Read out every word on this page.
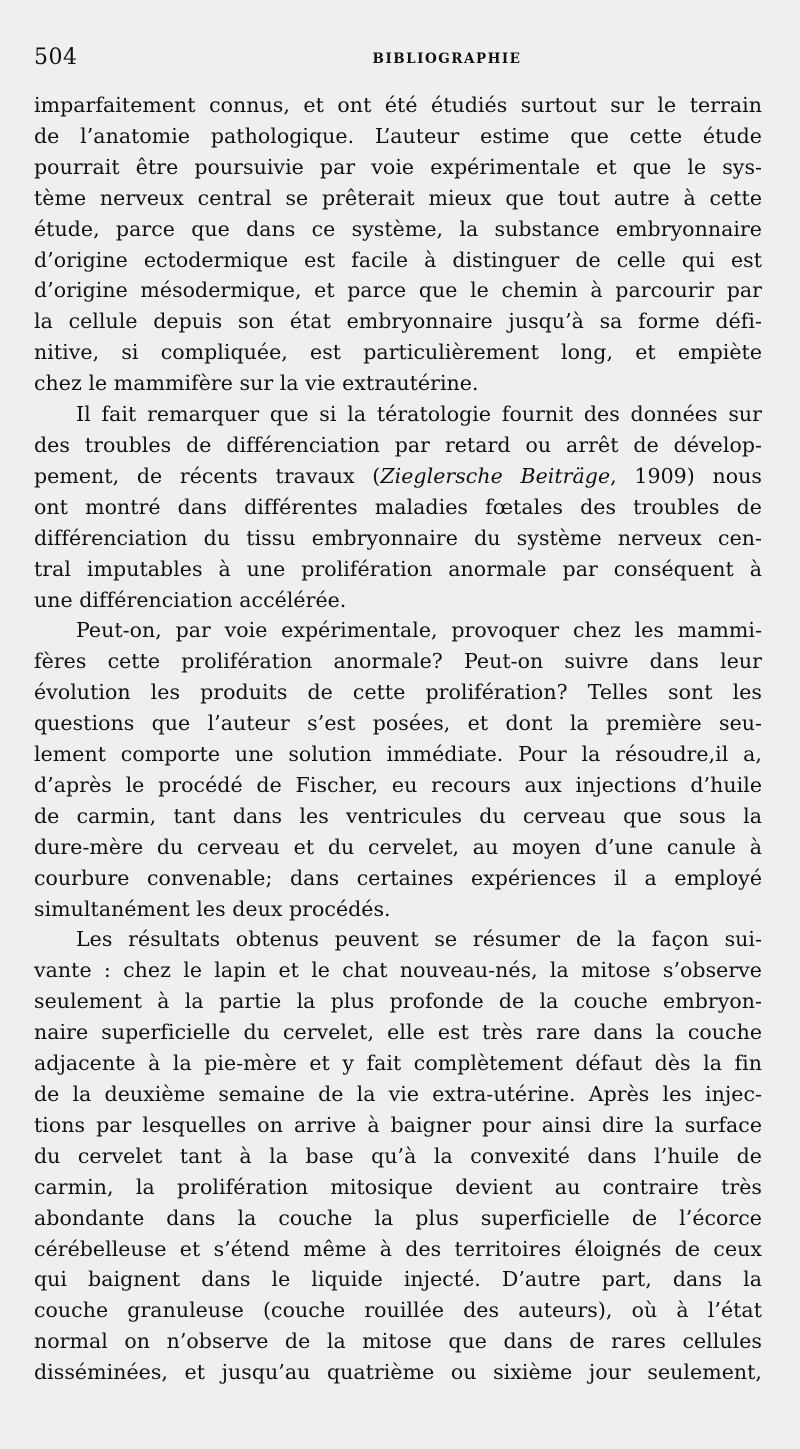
504	BIBLIOGRAPHIE
imparfaitement connus, et ont été étudiés surtout sur le terrain
de l’anatomie pathologique. L’auteur estime que cette étude
pourrait être poursuivie par voie expérimentale et que le sys-
tème nerveux central se prêterait mieux que tout autre à cette
étude, parce que dans ce système, la substance embryonnaire
d’origine ectodermique est facile à distinguer de celle qui est
d’origine mésodermique, et parce que le chemin à parcourir par
la cellule depuis son état embryonnaire jusqu’à sa forme défi-
nitive, si compliquée, est particulièrement long, et empiète
chez le mammifère sur la vie extrautérine.
Il fait remarquer que si la tératologie fournit des données sur
des troubles de différenciation par retard ou arrêt de dévelop-
pement, de récents travaux (Zieglersche Beiträge, 1909) nous
ont montré dans différentes maladies fœtales des troubles de
différenciation du tissu embryonnaire du système nerveux cen-
tral imputables à une prolifération anormale par conséquent à
une différenciation accélérée.
Peut-on, par voie expérimentale, provoquer chez les mammi-
fères cette prolifération anormale? Peut-on suivre dans leur
évolution les produits de cette prolifération? Telles sont les
questions que l’auteur s’est posées, et dont la première seu-
lement comporte une solution immédiate. Pour la résoudre,il a,
d’après le procédé de Fischer, eu recours aux injections d’huile
de carmin, tant dans les ventricules du cerveau que sous la
dure-mère du cerveau et du cervelet, au moyen d’une canule à
courbure convenable; dans certaines expériences il a employé
simultanément les deux procédés.
Les résultats obtenus peuvent se résumer de la façon sui-
vante : chez le lapin et le chat nouveau-nés, la mitose s’observe
seulement à la partie la plus profonde de la couche embryon-
naire superficielle du cervelet, elle est très rare dans la couche
adjacente à la pie-mère et y fait complètement défaut dès la fin
de la deuxième semaine de la vie extra-utérine. Après les injec-
tions par lesquelles on arrive à baigner pour ainsi dire la surface
du cervelet tant à la base qu’à la convexité dans l’huile de
carmin, la prolifération mitosique devient au contraire très
abondante dans la couche la plus superficielle de l’écorce
cérébelleuse et s’étend même à des territoires éloignés de ceux
qui baignent dans le liquide injecté. D’autre part, dans la
couche granuleuse (couche rouillée des auteurs), où à l’état
normal on n’observe de la mitose que dans de rares cellules
disséminées, et jusqu’au quatrième ou sixième jour seulement,
